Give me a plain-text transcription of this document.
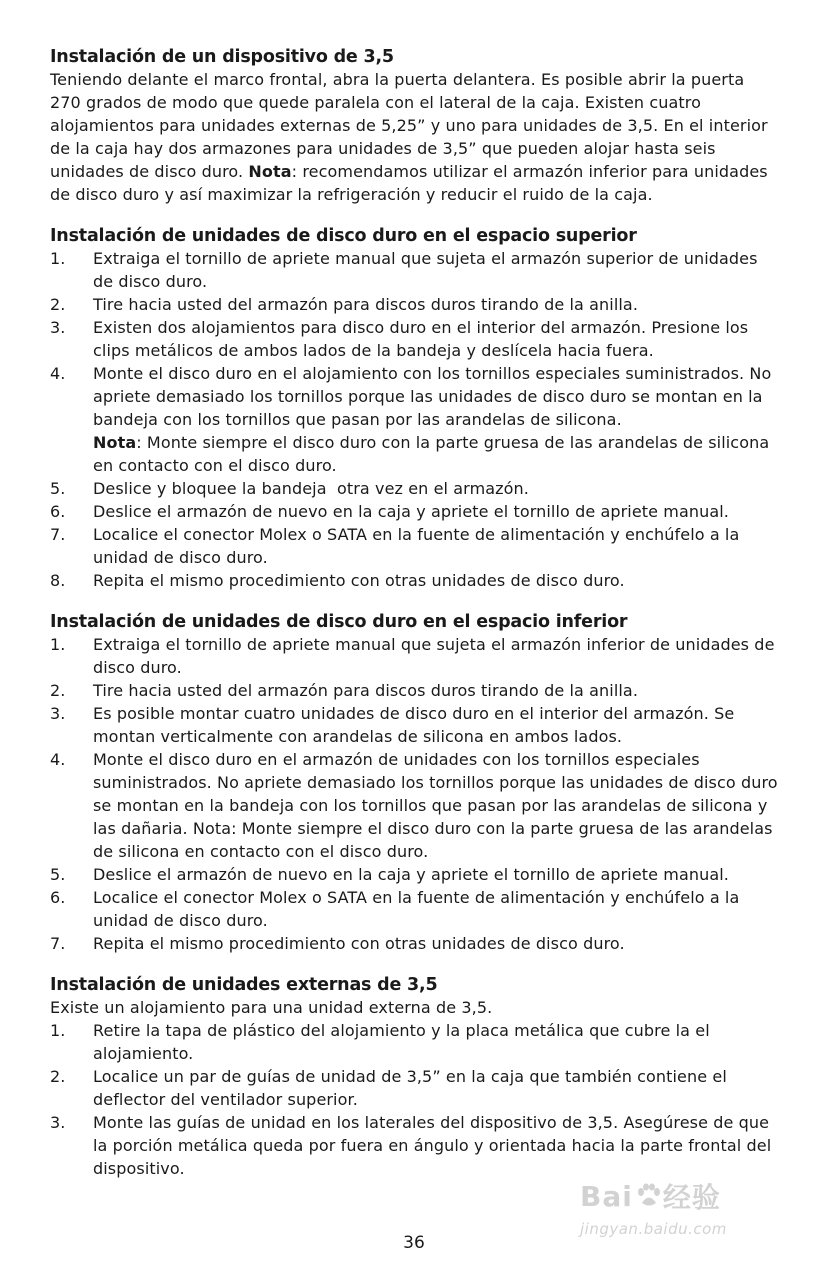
Instalación de un dispositivo de 3,5

Teniendo delante el marco frontal, abra la puerta delantera. Es posible abrir la puerta 270 grados de modo que quede paralela con el lateral de la caja. Existen cuatro alojamientos para unidades externas de 5,25” y uno para unidades de 3,5. En el interior de la caja hay dos armazones para unidades de 3,5” que pueden alojar hasta seis unidades de disco duro. Nota: recomendamos utilizar el armazón inferior para unidades de disco duro y así maximizar la refrigeración y reducir el ruido de la caja.

Instalación de unidades de disco duro en el espacio superior
1. Extraiga el tornillo de apriete manual que sujeta el armazón superior de unidades de disco duro.
2. Tire hacia usted del armazón para discos duros tirando de la anilla.
3. Existen dos alojamientos para disco duro en el interior del armazón. Presione los clips metálicos de ambos lados de la bandeja y deslícela hacia fuera.
4. Monte el disco duro en el alojamiento con los tornillos especiales suministrados. No apriete demasiado los tornillos porque las unidades de disco duro se montan en la bandeja con los tornillos que pasan por las arandelas de silicona.
Nota: Monte siempre el disco duro con la parte gruesa de las arandelas de silicona en contacto con el disco duro.
5. Deslice y bloquee la bandeja  otra vez en el armazón.
6. Deslice el armazón de nuevo en la caja y apriete el tornillo de apriete manual.
7. Localice el conector Molex o SATA en la fuente de alimentación y enchúfelo a la unidad de disco duro.
8. Repita el mismo procedimiento con otras unidades de disco duro.
Instalación de unidades de disco duro en el espacio inferior
1. Extraiga el tornillo de apriete manual que sujeta el armazón inferior de unidades de disco duro.
2. Tire hacia usted del armazón para discos duros tirando de la anilla.
3. Es posible montar cuatro unidades de disco duro en el interior del armazón. Se montan verticalmente con arandelas de silicona en ambos lados.
4. Monte el disco duro en el armazón de unidades con los tornillos especiales suministrados. No apriete demasiado los tornillos porque las unidades de disco duro se montan en la bandeja con los tornillos que pasan por las arandelas de silicona y las dañaria. Nota: Monte siempre el disco duro con la parte gruesa de las arandelas de silicona en contacto con el disco duro.
5. Deslice el armazón de nuevo en la caja y apriete el tornillo de apriete manual.
6. Localice el conector Molex o SATA en la fuente de alimentación y enchúfelo a la unidad de disco duro.
7. Repita el mismo procedimiento con otras unidades de disco duro.
Instalación de unidades externas de 3,5

Existe un alojamiento para una unidad externa de 3,5.

1. Retire la tapa de plástico del alojamiento y la placa metálica que cubre la el alojamiento.
2. Localice un par de guías de unidad de 3,5” en la caja que también contiene el deflector del ventilador superior.
3. Monte las guías de unidad en los laterales del dispositivo de 3,5. Asegúrese de que la porción metálica queda por fuera en ángulo y orientada hacia la parte frontal del dispositivo.
36
Bai 经验
jingyan.baidu.com
